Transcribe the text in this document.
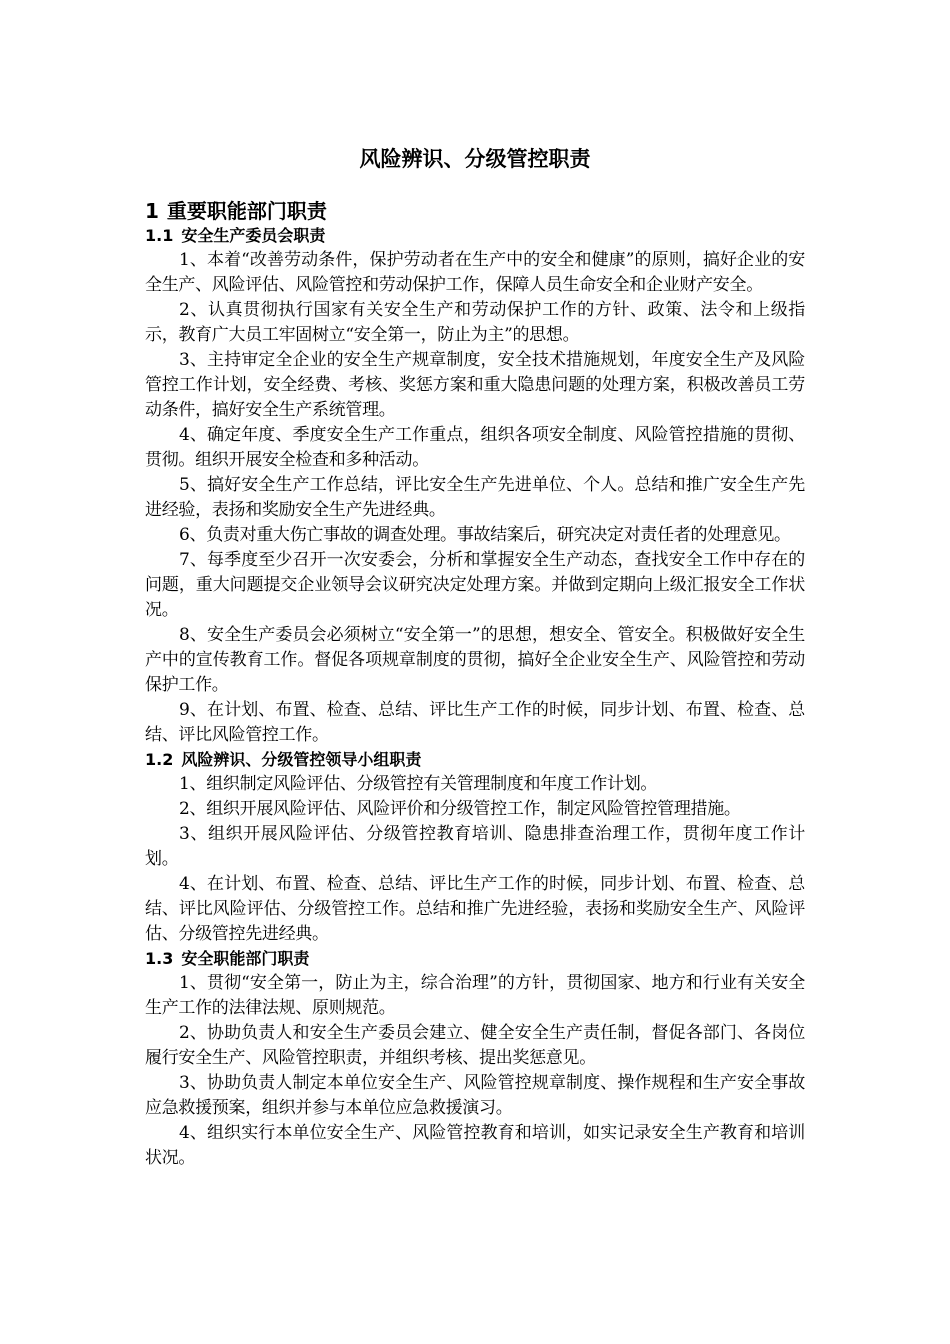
风险辨识、分级管控职责
1 重要职能部门职责
1.1 安全生产委员会职责

1、本着“改善劳动条件，保护劳动者在生产中的安全和健康”的原则，搞好企业的安全生产、风险评估、风险管控和劳动保护工作，保障人员生命安全和企业财产安全。

2、认真贯彻执行国家有关安全生产和劳动保护工作的方针、政策、法令和上级指示，教育广大员工牢固树立“安全第一，防止为主”的思想。

3、主持审定全企业的安全生产规章制度，安全技术措施规划，年度安全生产及风险管控工作计划，安全经费、考核、奖惩方案和重大隐患问题的处理方案，积极改善员工劳动条件，搞好安全生产系统管理。

4、确定年度、季度安全生产工作重点，组织各项安全制度、风险管控措施的贯彻、贯彻。组织开展安全检查和多种活动。

5、搞好安全生产工作总结，评比安全生产先进单位、个人。总结和推广安全生产先进经验，表扬和奖励安全生产先进经典。

6、负责对重大伤亡事故的调查处理。事故结案后，研究决定对责任者的处理意见。

7、每季度至少召开一次安委会，分析和掌握安全生产动态，查找安全工作中存在的问题，重大问题提交企业领导会议研究决定处理方案。并做到定期向上级汇报安全工作状况。

8、安全生产委员会必须树立“安全第一”的思想，想安全、管安全。积极做好安全生产中的宣传教育工作。督促各项规章制度的贯彻，搞好全企业安全生产、风险管控和劳动保护工作。

9、在计划、布置、检查、总结、评比生产工作的时候，同步计划、布置、检查、总结、评比风险管控工作。

1.2 风险辨识、分级管控领导小组职责

1、组织制定风险评估、分级管控有关管理制度和年度工作计划。

2、组织开展风险评估、风险评价和分级管控工作，制定风险管控管理措施。

3、组织开展风险评估、分级管控教育培训、隐患排查治理工作，贯彻年度工作计划。

4、在计划、布置、检查、总结、评比生产工作的时候，同步计划、布置、检查、总结、评比风险评估、分级管控工作。总结和推广先进经验，表扬和奖励安全生产、风险评估、分级管控先进经典。

1.3 安全职能部门职责

1、贯彻“安全第一，防止为主，综合治理”的方针，贯彻国家、地方和行业有关安全生产工作的法律法规、原则规范。

2、协助负责人和安全生产委员会建立、健全安全生产责任制，督促各部门、各岗位履行安全生产、风险管控职责，并组织考核、提出奖惩意见。

3、协助负责人制定本单位安全生产、风险管控规章制度、操作规程和生产安全事故应急救援预案，组织并参与本单位应急救援演习。

4、组织实行本单位安全生产、风险管控教育和培训，如实记录安全生产教育和培训状况。
